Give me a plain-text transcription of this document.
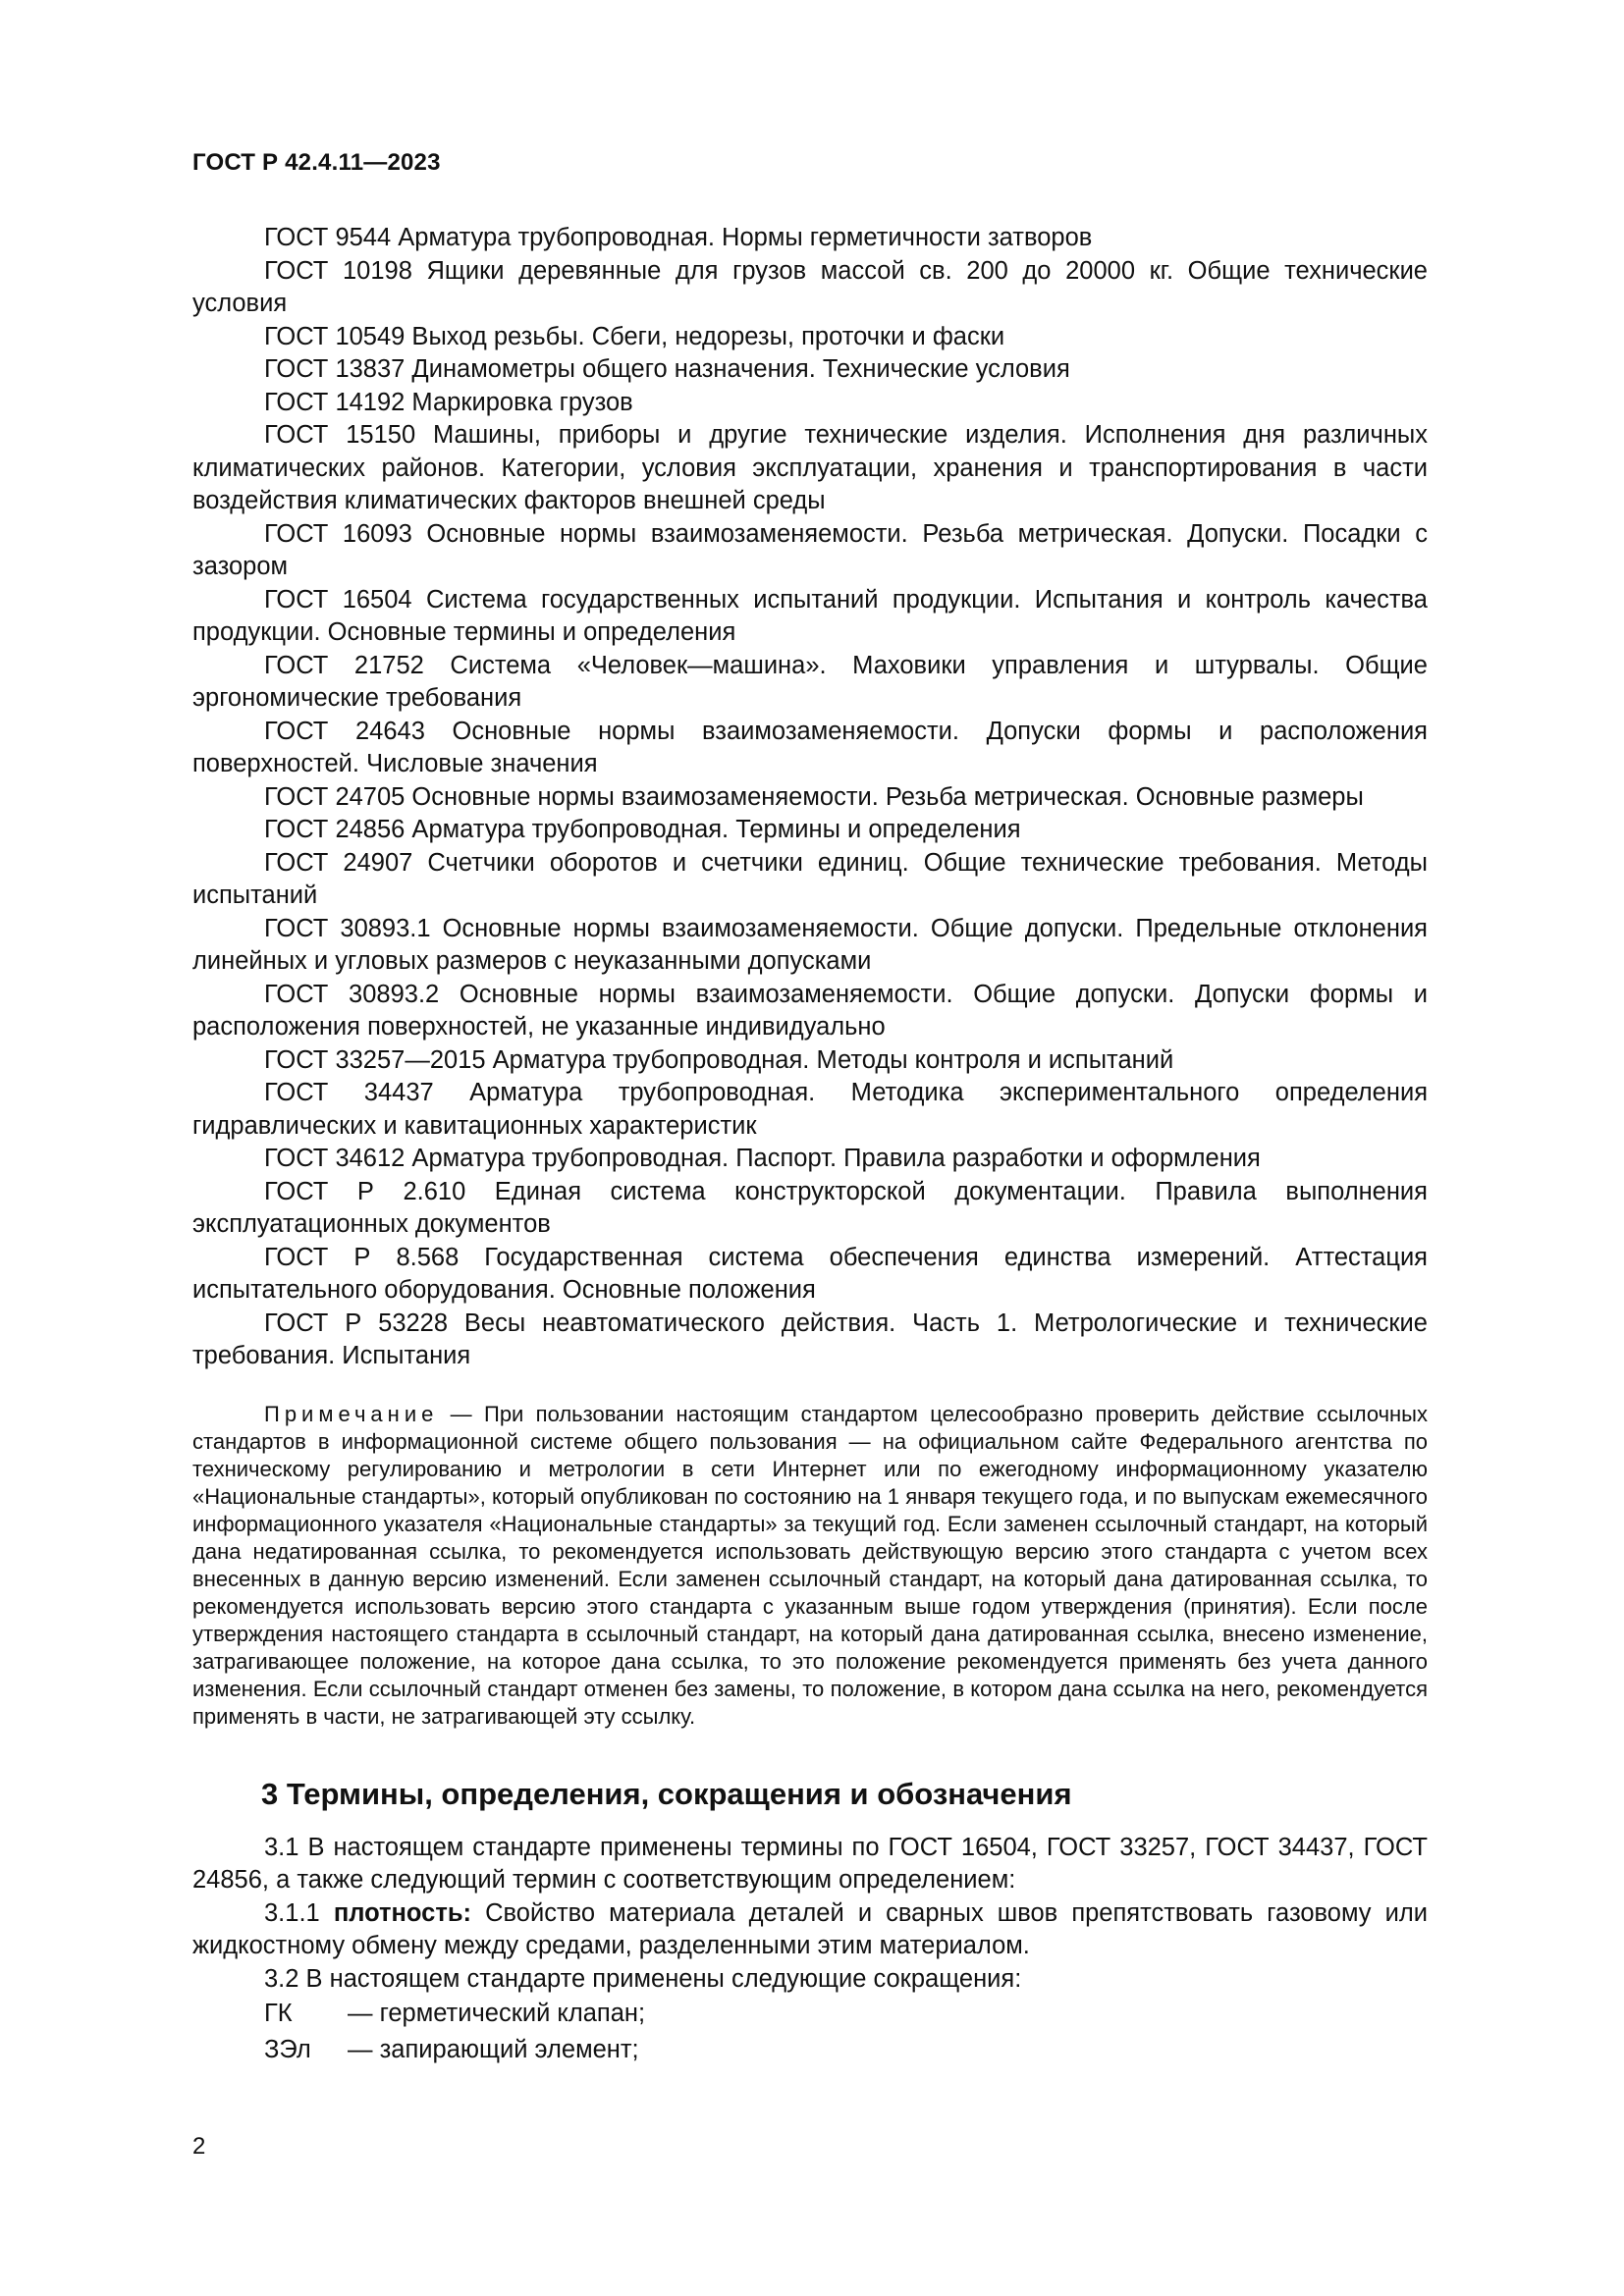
ГОСТ Р 42.4.11—2023

ГОСТ 9544 Арматура трубопроводная. Нормы герметичности затворов

ГОСТ 10198 Ящики деревянные для грузов массой св. 200 до 20000 кг. Общие технические условия

ГОСТ 10549 Выход резьбы. Сбеги, недорезы, проточки и фаски

ГОСТ 13837 Динамометры общего назначения. Технические условия

ГОСТ 14192 Маркировка грузов

ГОСТ 15150 Машины, приборы и другие технические изделия. Исполнения дня различных климатических районов. Категории, условия эксплуатации, хранения и транспортирования в части воздействия климатических факторов внешней среды

ГОСТ 16093 Основные нормы взаимозаменяемости. Резьба метрическая. Допуски. Посадки с зазором

ГОСТ 16504 Система государственных испытаний продукции. Испытания и контроль качества продукции. Основные термины и определения

ГОСТ 21752 Система «Человек—машина». Маховики управления и штурвалы. Общие эргономические требования

ГОСТ 24643 Основные нормы взаимозаменяемости. Допуски формы и расположения поверхностей. Числовые значения

ГОСТ 24705 Основные нормы взаимозаменяемости. Резьба метрическая. Основные размеры

ГОСТ 24856 Арматура трубопроводная. Термины и определения

ГОСТ 24907 Счетчики оборотов и счетчики единиц. Общие технические требования. Методы испытаний

ГОСТ 30893.1 Основные нормы взаимозаменяемости. Общие допуски. Предельные отклонения линейных и угловых размеров с неуказанными допусками

ГОСТ 30893.2 Основные нормы взаимозаменяемости. Общие допуски. Допуски формы и расположения поверхностей, не указанные индивидуально

ГОСТ 33257—2015 Арматура трубопроводная. Методы контроля и испытаний

ГОСТ 34437 Арматура трубопроводная. Методика экспериментального определения гидравлических и кавитационных характеристик

ГОСТ 34612 Арматура трубопроводная. Паспорт. Правила разработки и оформления

ГОСТ Р 2.610 Единая система конструкторской документации. Правила выполнения эксплуатационных документов

ГОСТ Р 8.568 Государственная система обеспечения единства измерений. Аттестация испытательного оборудования. Основные положения

ГОСТ Р 53228 Весы неавтоматического действия. Часть 1. Метрологические и технические требования. Испытания

Примечание — При пользовании настоящим стандартом целесообразно проверить действие ссылочных стандартов в информационной системе общего пользования — на официальном сайте Федерального агентства по техническому регулированию и метрологии в сети Интернет или по ежегодному информационному указателю «Национальные стандарты», который опубликован по состоянию на 1 января текущего года, и по выпускам ежемесячного информационного указателя «Национальные стандарты» за текущий год. Если заменен ссылочный стандарт, на который дана недатированная ссылка, то рекомендуется использовать действующую версию этого стандарта с учетом всех внесенных в данную версию изменений. Если заменен ссылочный стандарт, на который дана датированная ссылка, то рекомендуется использовать версию этого стандарта с указанным выше годом утверждения (принятия). Если после утверждения настоящего стандарта в ссылочный стандарт, на который дана датированная ссылка, внесено изменение, затрагивающее положение, на которое дана ссылка, то это положение рекомендуется применять без учета данного изменения. Если ссылочный стандарт отменен без замены, то положение, в котором дана ссылка на него, рекомендуется применять в части, не затрагивающей эту ссылку.

3 Термины, определения, сокращения и обозначения

3.1 В настоящем стандарте применены термины по ГОСТ 16504, ГОСТ 33257, ГОСТ 34437, ГОСТ 24856, а также следующий термин с соответствующим определением:

3.1.1 плотность: Свойство материала деталей и сварных швов препятствовать газовому или жидкостному обмену между средами, разделенными этим материалом.

3.2 В настоящем стандарте применены следующие сокращения:

ГК	— герметический клапан;
ЗЭл	— запирающий элемент;

2
